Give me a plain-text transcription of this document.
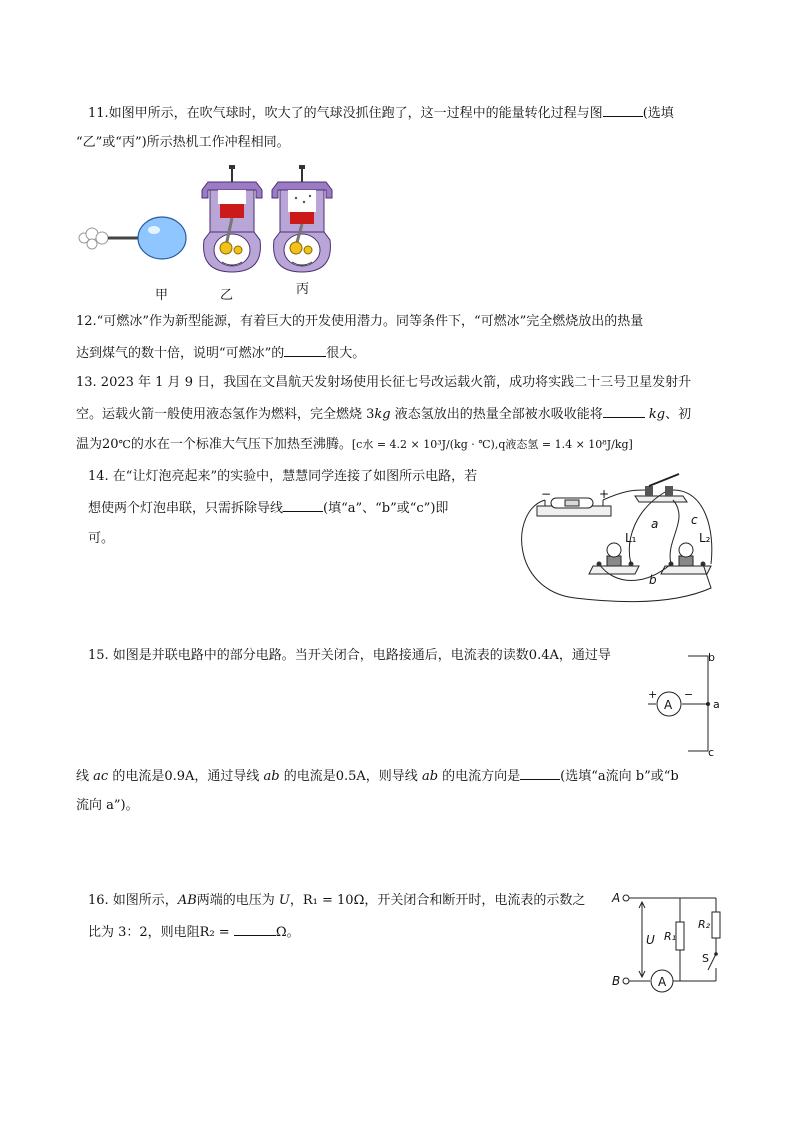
11.如图甲所示，在吹气球时，吹大了的气球没抓住跑了，这一过程中的能量转化过程与图	(选填
“乙”或“丙”)所示热机工作冲程相同。
甲	乙	丙
12.“可燃冰”作为新型能源，有着巨大的开发使用潜力。同等条件下，“可燃冰”完全燃烧放出的热量
达到煤气的数十倍，说明“可燃冰”的	很大。
13. 2023 年 1 月 9 日，我国在文昌航天发射场使用长征七号改运载火箭，成功将实践二十三号卫星发射升
空。运载火箭一般使用液态氢作为燃料，完全燃烧 3kg 液态氢放出的热量全部被水吸收能将	kg、初
温为20℃的水在一个标准大气压下加热至沸腾。[c水 = 4.2 × 10³J/(kg · ℃),q液态氢 = 1.4 × 10⁸J/kg]
14. 在“让灯泡亮起来”的实验中，慧慧同学连接了如图所示电路，若
想使两个灯泡串联，只需拆除导线	(填“a”、“b”或“c”)即
可。
−	+
a	c
b
L₁	L₂
15. 如图是并联电路中的部分电路。当开关闭合，电路接通后，电流表的读数0.4A，通过导
线 ac 的电流是0.9A，通过导线 ab 的电流是0.5A，则导线 ab 的电流方向是	(选填“a流向 b”或“b
流向 a”)。
+
A
−
a
b
c
16. 如图所示，AB两端的电压为 U，R₁ = 10Ω，开关闭合和断开时，电流表的示数之
比为 3：2，则电阻R₂ =	Ω。
A
B
U R₁
R₂
S
A
